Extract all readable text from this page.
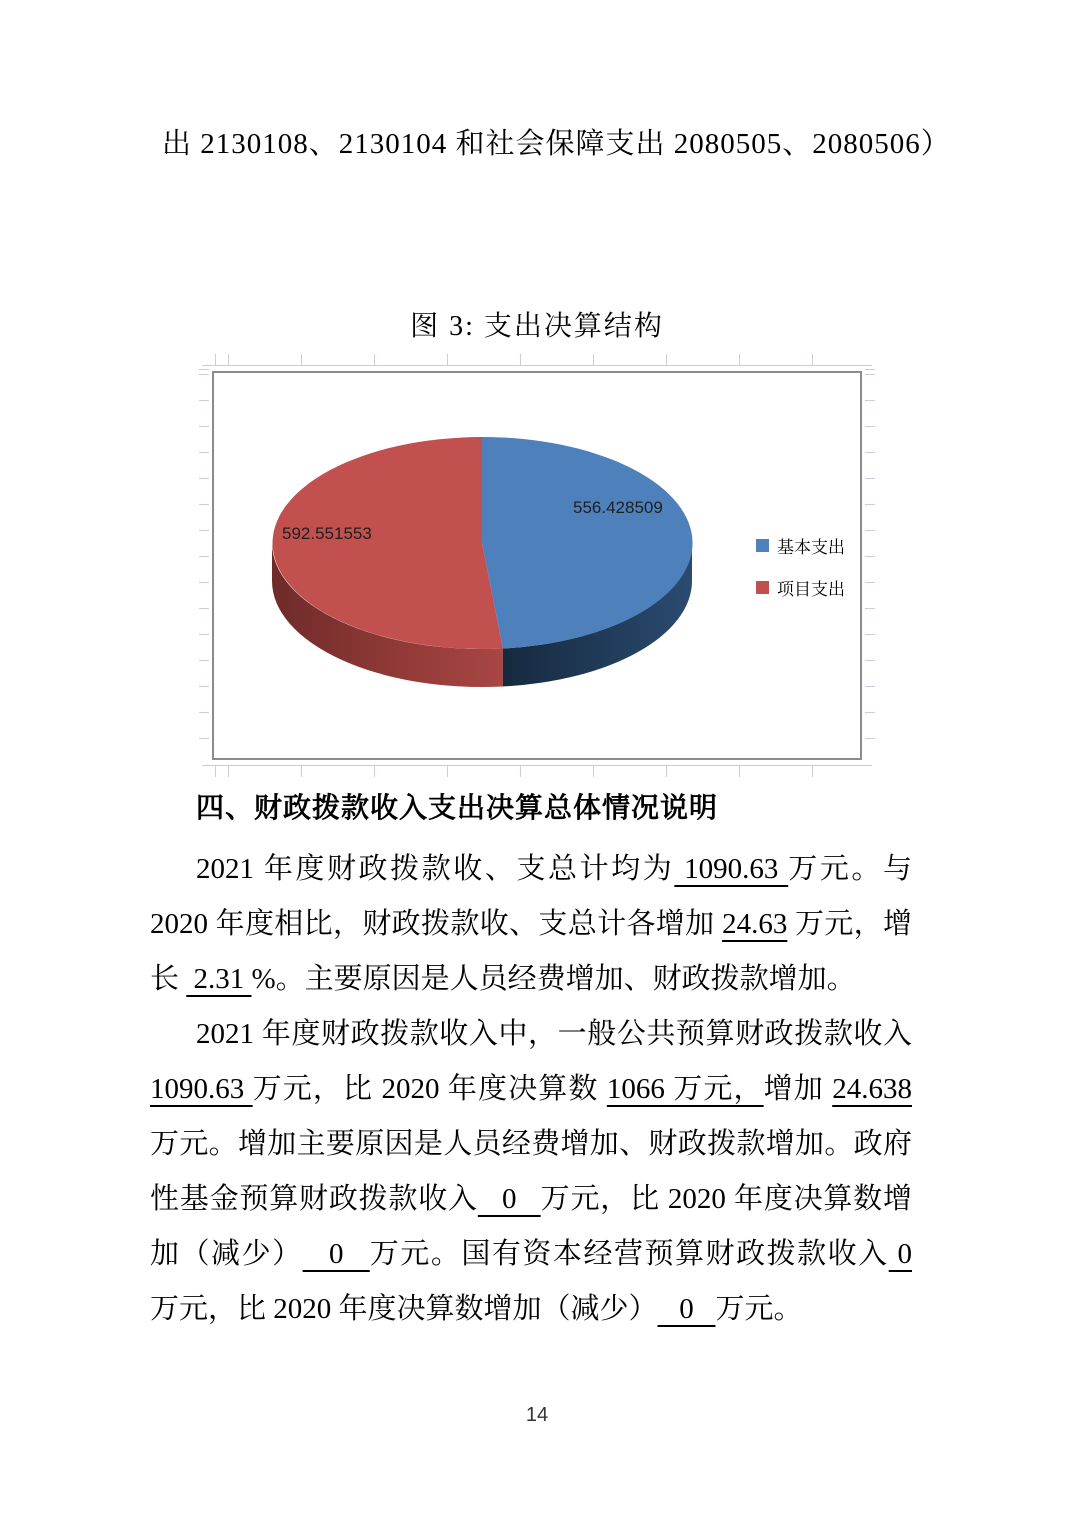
出 2130108、2130104 和社会保障支出 2080505、2080506）
图 3: 支出决算结构
556.428509
592.551553
基本支出
项目支出
四、财政拨款收入支出决算总体情况说明
2021 年度财政拨款收、支总计均为 1090.63 万元。与
2020 年度相比，财政拨款收、支总计各增加 24.63 万元，增
长  2.31 %。主要原因是人员经费增加、财政拨款增加。
2021 年度财政拨款收入中，一般公共预算财政拨款收入
1090.63 万元，比 2020 年度决算数 1066 万元，增加 24.638
万元。增加主要原因是人员经费增加、财政拨款增加。政府
性基金预算财政拨款收入   0   万元，比 2020 年度决算数增
加（减少）   0   万元。国有资本经营预算财政拨款收入 0
万元，比 2020 年度决算数增加（减少）   0   万元。
14
